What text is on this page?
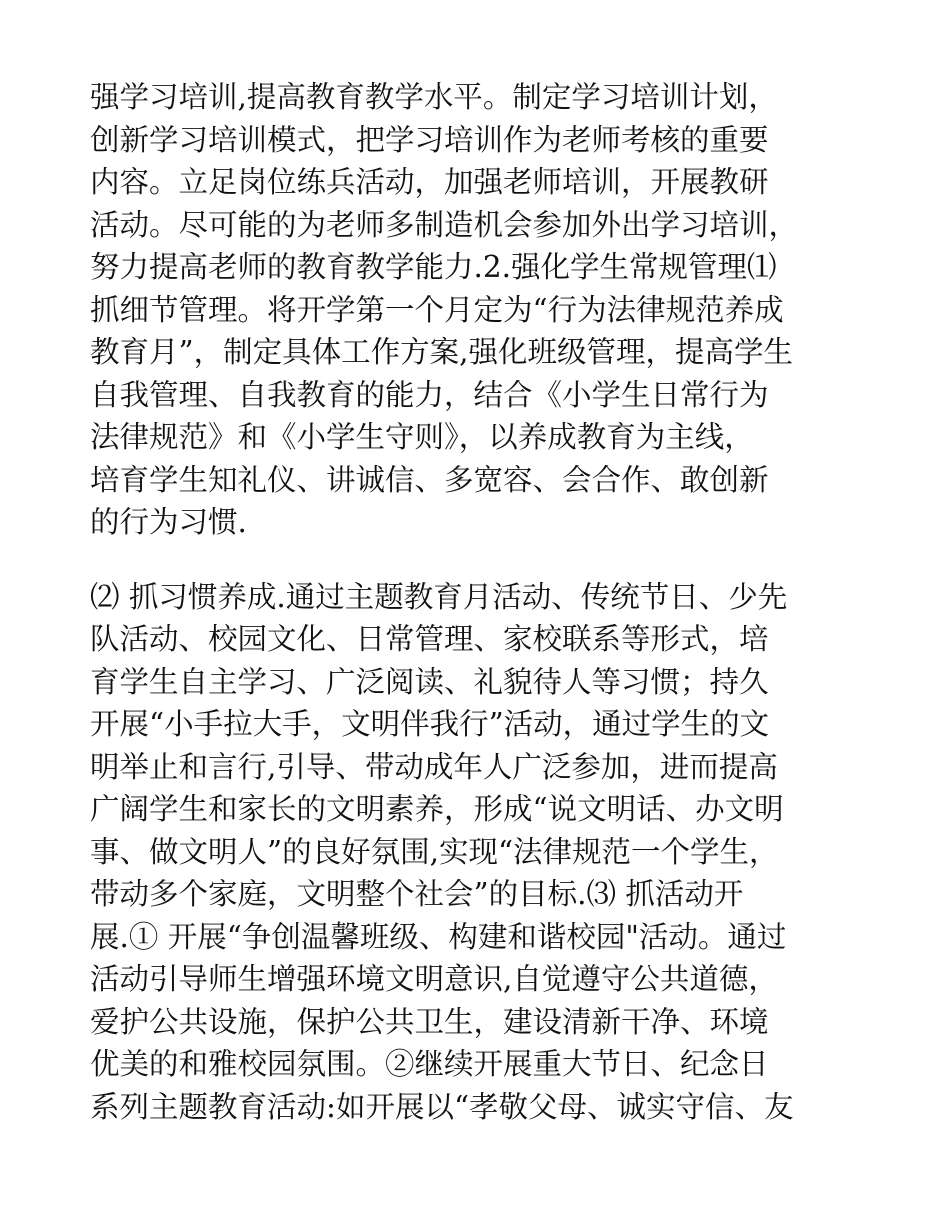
强学习培训,提高教育教学水平。制定学习培训计划，
创新学习培训模式，把学习培训作为老师考核的重要
内容。立足岗位练兵活动，加强老师培训，开展教研
活动。尽可能的为老师多制造机会参加外出学习培训，
努力提高老师的教育教学能力.2.强化学生常规管理⑴
抓细节管理。将开学第一个月定为“行为法律规范养成
教育月”，制定具体工作方案,强化班级管理，提高学生
自我管理、自我教育的能力，结合《小学生日常行为
法律规范》和《小学生守则》，以养成教育为主线，
培育学生知礼仪、讲诚信、多宽容、会合作、敢创新
的行为习惯.
⑵ 抓习惯养成.通过主题教育月活动、传统节日、少先
队活动、校园文化、日常管理、家校联系等形式，培
育学生自主学习、广泛阅读、礼貌待人等习惯；持久
开展“小手拉大手，文明伴我行”活动，通过学生的文
明举止和言行,引导、带动成年人广泛参加，进而提高
广阔学生和家长的文明素养，形成“说文明话、办文明
事、做文明人”的良好氛围,实现“法律规范一个学生，
带动多个家庭，文明整个社会”的目标.⑶ 抓活动开
展.① 开展“争创温馨班级、构建和谐校园"活动。通过
活动引导师生增强环境文明意识,自觉遵守公共道德，
爱护公共设施，保护公共卫生，建设清新干净、环境
优美的和雅校园氛围。②继续开展重大节日、纪念日
系列主题教育活动:如开展以“孝敬父母、诚实守信、友
